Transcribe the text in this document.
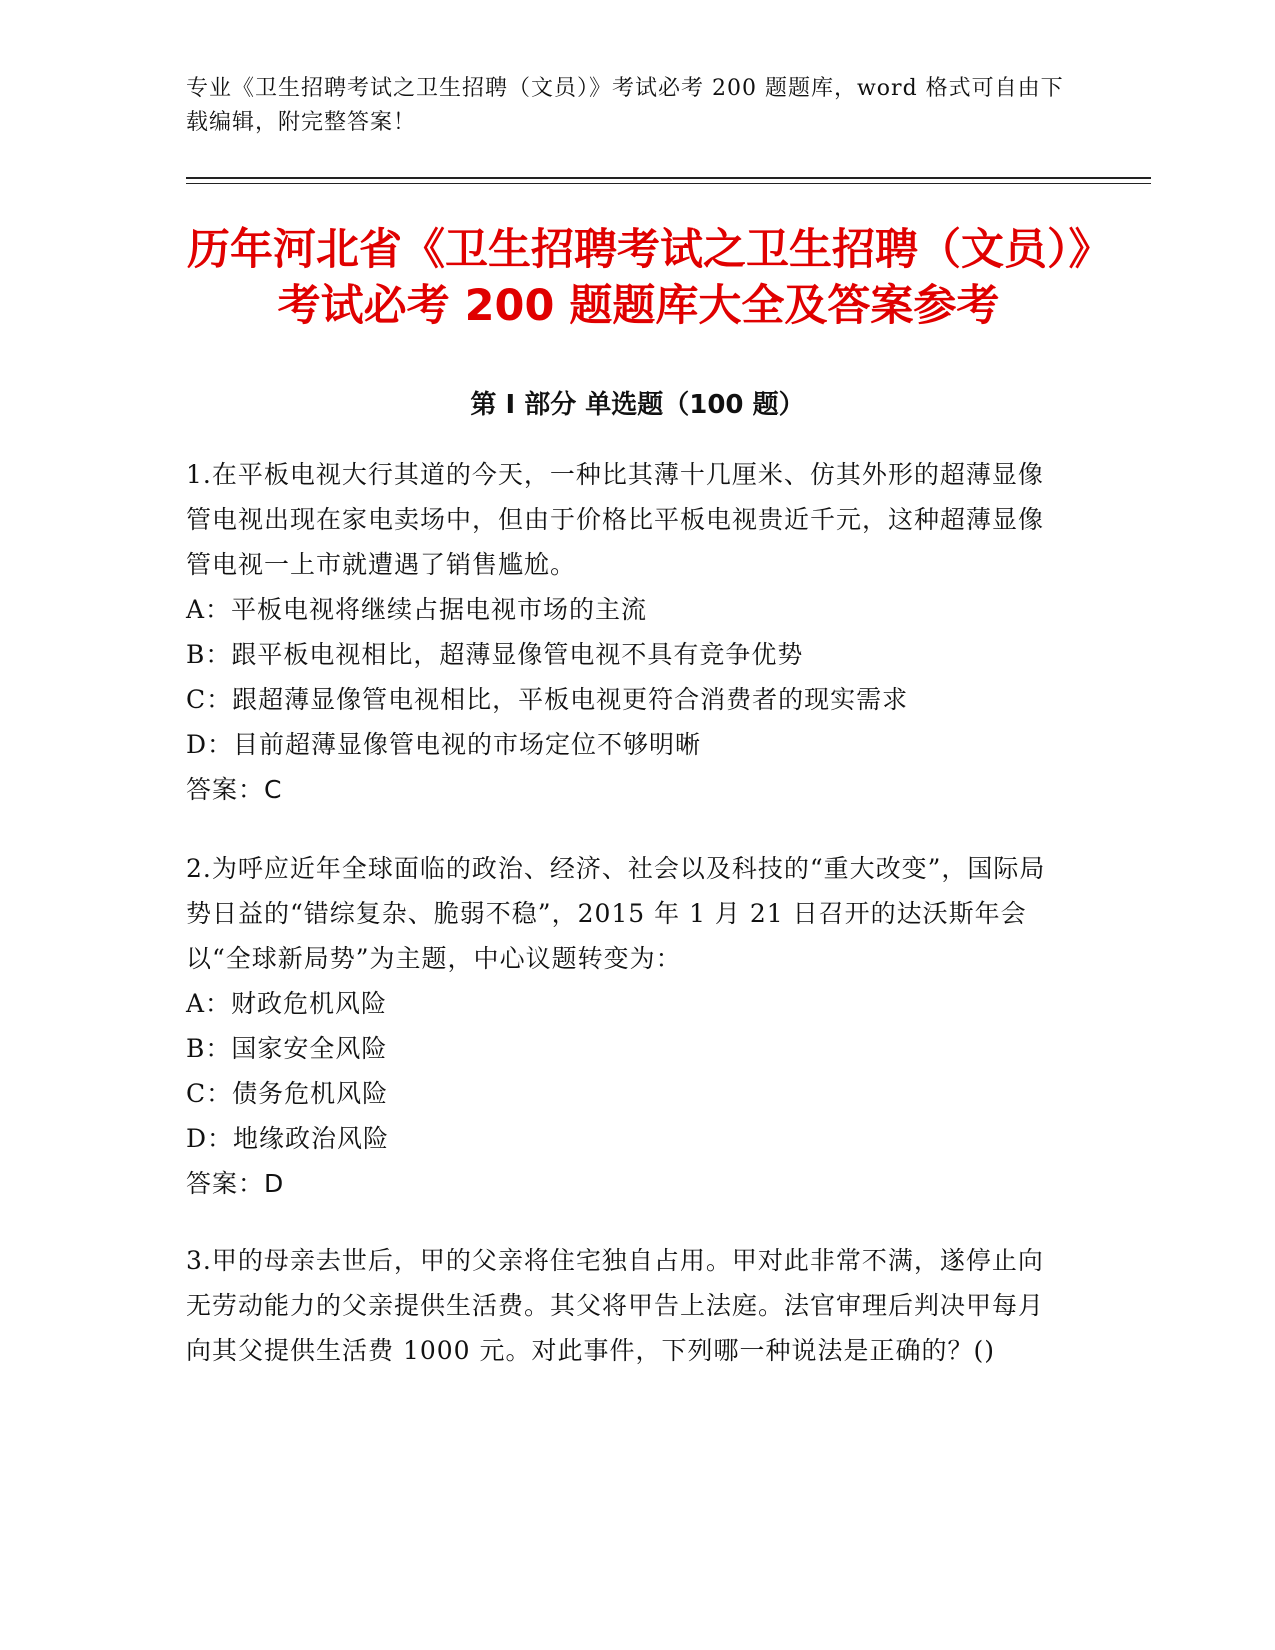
专业《卫生招聘考试之卫生招聘（文员）》考试必考 200 题题库，word 格式可自由下载编辑，附完整答案！
历年河北省《卫生招聘考试之卫生招聘（文员）》考试必考 200 题题库大全及答案参考
第 I 部分 单选题（100 题）

1.在平板电视大行其道的今天，一种比其薄十几厘米、仿其外形的超薄显像管电视出现在家电卖场中，但由于价格比平板电视贵近千元，这种超薄显像管电视一上市就遭遇了销售尴尬。

A：平板电视将继续占据电视市场的主流

B：跟平板电视相比，超薄显像管电视不具有竞争优势

C：跟超薄显像管电视相比，平板电视更符合消费者的现实需求

D：目前超薄显像管电视的市场定位不够明晰

答案：C

2.为呼应近年全球面临的政治、经济、社会以及科技的“重大改变”，国际局势日益的“错综复杂、脆弱不稳”，2015 年 1 月 21 日召开的达沃斯年会以“全球新局势”为主题，中心议题转变为：

A：财政危机风险

B：国家安全风险

C：债务危机风险

D：地缘政治风险

答案：D

3.甲的母亲去世后，甲的父亲将住宅独自占用。甲对此非常不满，遂停止向无劳动能力的父亲提供生活费。其父将甲告上法庭。法官审理后判决甲每月向其父提供生活费 1000 元。对此事件，下列哪一种说法是正确的？()
